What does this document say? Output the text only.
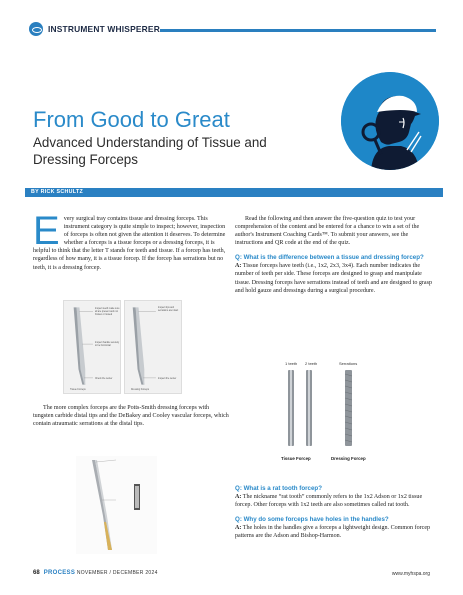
INSTRUMENT WHISPERER
From Good to Great
Advanced Understanding of Tissue and Dressing Forceps
BY RICK SCHULTZ
Every surgical tray contains tissue and dressing forceps. This instrument category is quite simple to inspect; however, inspection of forceps is often not given the attention it deserves. To determine whether a forceps is a tissue forceps or a dressing forceps, it is helpful to think that the letter T stands for teeth and tissue. If a forcep has teeth, regardless of how many, it is a tissue forcep. If the forcep has serrations but no teeth, it is a dressing forcep.
Inspect teeth make sure all are present and not broken or loosed
Inspect handle securely to be horizontal
Check the center
Tissue Forceps
Inspect tips and serrations are intact
Inspect the center
Dressing Forceps
The more complex forceps are the Potts-Smith dressing forceps with tungsten carbide distal tips and the DeBakey and Cooley vascular forceps, which contain atraumatic serrations at the distal tips.
Read the following and then answer the five-question quiz to test your comprehension of the content and be entered for a chance to win a set of the author's Instrument Coaching Cards™. To submit your answers, see the instructions and QR code at the end of the quiz.
Q: What is the difference between a tissue and dressing forcep?
A: Tissue forceps have teeth (i.e., 1x2, 2x3, 3x4). Each number indicates the number of teeth per side. These forceps are designed to grasp and manipulate tissue. Dressing forceps have serrations instead of teeth and are designed to grasp and hold gauze and dressings during a surgical procedure.
1 teeth 2 teeth	Serrations
Tissue Forcep	Dressing Forcep
Q: What is a rat tooth forcep?
A: The nickname “rat tooth” commonly refers to the 1x2 Adson or 1x2 tissue forcep. Other forceps with 1x2 teeth are also sometimes called rat tooth.
Q: Why do some forceps have holes in the handles?
A: The holes in the handles give a forceps a lightweight design. Common forcep patterns are the Adson and Bishop-Harmon.
68 PROCESS NOVEMBER / DECEMBER 2024	www.myhspa.org
